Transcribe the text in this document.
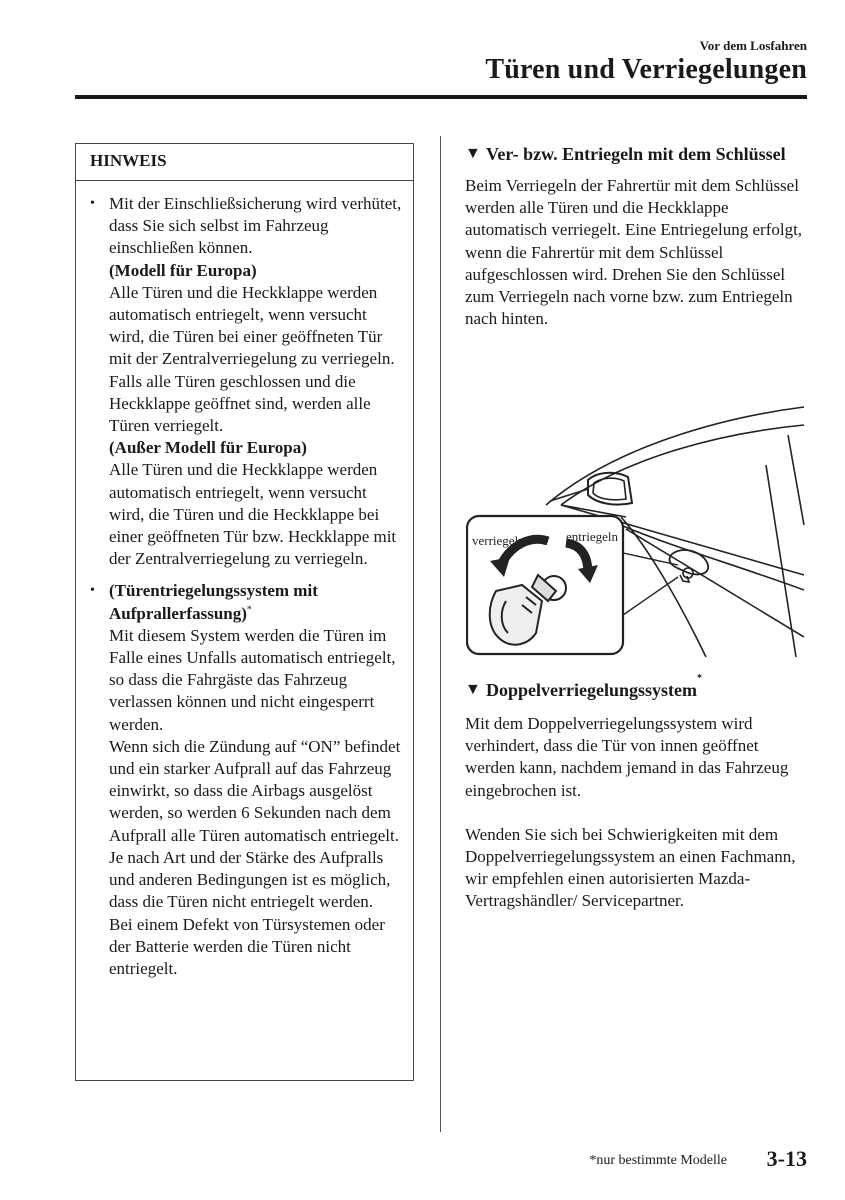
Vor dem Losfahren
Türen und Verriegelungen
HINWEIS
• Mit der Einschließsicherung wird verhütet, dass Sie sich selbst im Fahrzeug einschließen können.
(Modell für Europa)
Alle Türen und die Heckklappe werden automatisch entriegelt, wenn versucht wird, die Türen bei einer geöffneten Tür mit der Zentralverriegelung zu verriegeln. Falls alle Türen geschlossen und die Heckklappe geöffnet sind, werden alle Türen verriegelt.
(Außer Modell für Europa)
Alle Türen und die Heckklappe werden automatisch entriegelt, wenn versucht wird, die Türen und die Heckklappe bei einer geöffneten Tür bzw. Heckklappe mit der Zentralverriegelung zu verriegeln.
• (Türentriegelungssystem mit Aufprallerfassung)*
Mit diesem System werden die Türen im Falle eines Unfalls automatisch entriegelt, so dass die Fahrgäste das Fahrzeug verlassen können und nicht eingesperrt werden.
Wenn sich die Zündung auf “ON” befindet und ein starker Aufprall auf das Fahrzeug einwirkt, so dass die Airbags ausgelöst werden, so werden 6 Sekunden nach dem Aufprall alle Türen automatisch entriegelt.
Je nach Art und der Stärke des Aufpralls und anderen Bedingungen ist es möglich, dass die Türen nicht entriegelt werden.
Bei einem Defekt von Türsystemen oder der Batterie werden die Türen nicht entriegelt.
▼ Ver- bzw. Entriegeln mit dem Schlüssel
Beim Verriegeln der Fahrertür mit dem Schlüssel werden alle Türen und die Heckklappe automatisch verriegelt. Eine Entriegelung erfolgt, wenn die Fahrertür mit dem Schlüssel aufgeschlossen wird. Drehen Sie den Schlüssel zum Verriegeln nach vorne bzw. zum Entriegeln nach hinten.
verriegeln	entriegeln
▼ Doppelverriegelungssystem
*
Mit dem Doppelverriegelungssystem wird verhindert, dass die Tür von innen geöffnet werden kann, nachdem jemand in das Fahrzeug eingebrochen ist.
Wenden Sie sich bei Schwierigkeiten mit dem Doppelverriegelungssystem an einen Fachmann, wir empfehlen einen autorisierten Mazda-Vertragshändler/ Servicepartner.
*nur bestimmte Modelle 3-13
